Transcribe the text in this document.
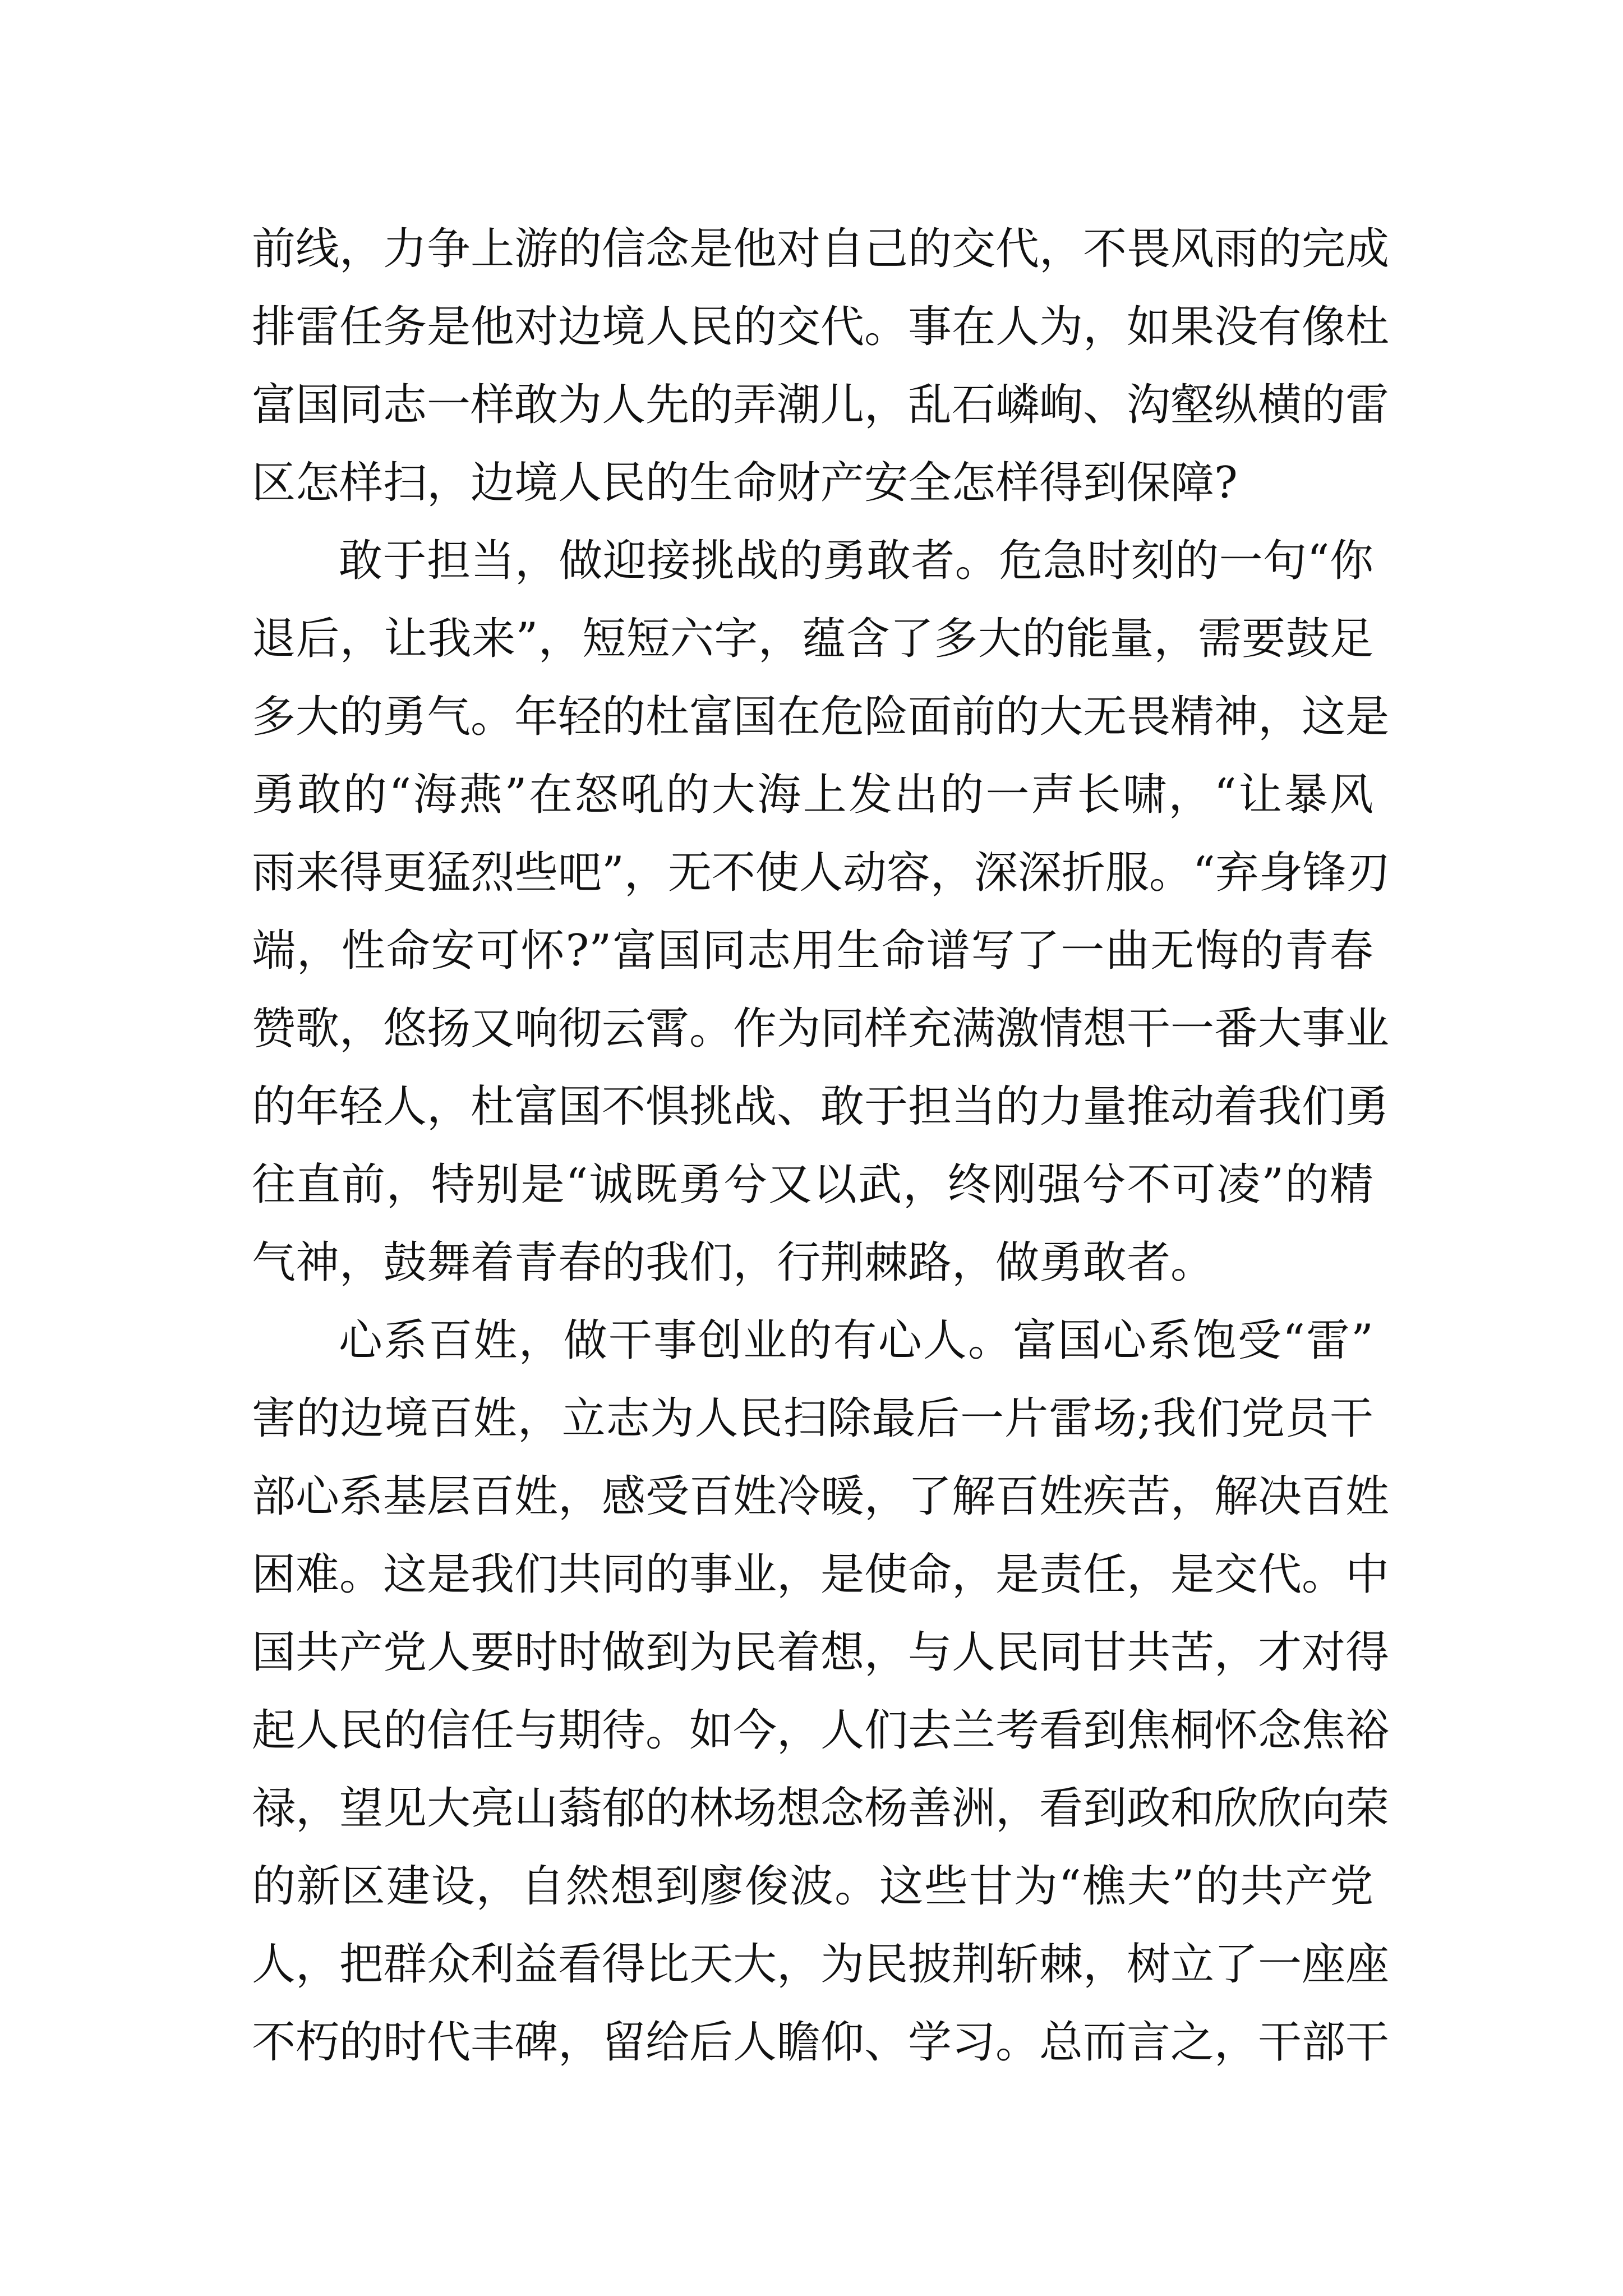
前线，力争上游的信念是他对自己的交代，不畏风雨的完成
排雷任务是他对边境人民的交代。事在人为，如果没有像杜
富国同志一样敢为人先的弄潮儿，乱石嶙峋、沟壑纵横的雷
区怎样扫，边境人民的生命财产安全怎样得到保障?
敢于担当，做迎接挑战的勇敢者。危急时刻的一句“你
退后，让我来”，短短六字，蕴含了多大的能量，需要鼓足
多大的勇气。年轻的杜富国在危险面前的大无畏精神，这是
勇敢的“海燕”在怒吼的大海上发出的一声长啸，“让暴风
雨来得更猛烈些吧”，无不使人动容，深深折服。“弃身锋刃
端，性命安可怀?”富国同志用生命谱写了一曲无悔的青春
赞歌，悠扬又响彻云霄。作为同样充满激情想干一番大事业
的年轻人，杜富国不惧挑战、敢于担当的力量推动着我们勇
往直前，特别是“诚既勇兮又以武，终刚强兮不可凌”的精
气神，鼓舞着青春的我们，行荆棘路，做勇敢者。
心系百姓，做干事创业的有心人。富国心系饱受“雷”
害的边境百姓，立志为人民扫除最后一片雷场;我们党员干
部心系基层百姓，感受百姓冷暖，了解百姓疾苦，解决百姓
困难。这是我们共同的事业，是使命，是责任，是交代。中
国共产党人要时时做到为民着想，与人民同甘共苦，才对得
起人民的信任与期待。如今，人们去兰考看到焦桐怀念焦裕
禄，望见大亮山蓊郁的林场想念杨善洲，看到政和欣欣向荣
的新区建设，自然想到廖俊波。这些甘为“樵夫”的共产党
人，把群众利益看得比天大，为民披荆斩棘，树立了一座座
不朽的时代丰碑，留给后人瞻仰、学习。总而言之，干部干
